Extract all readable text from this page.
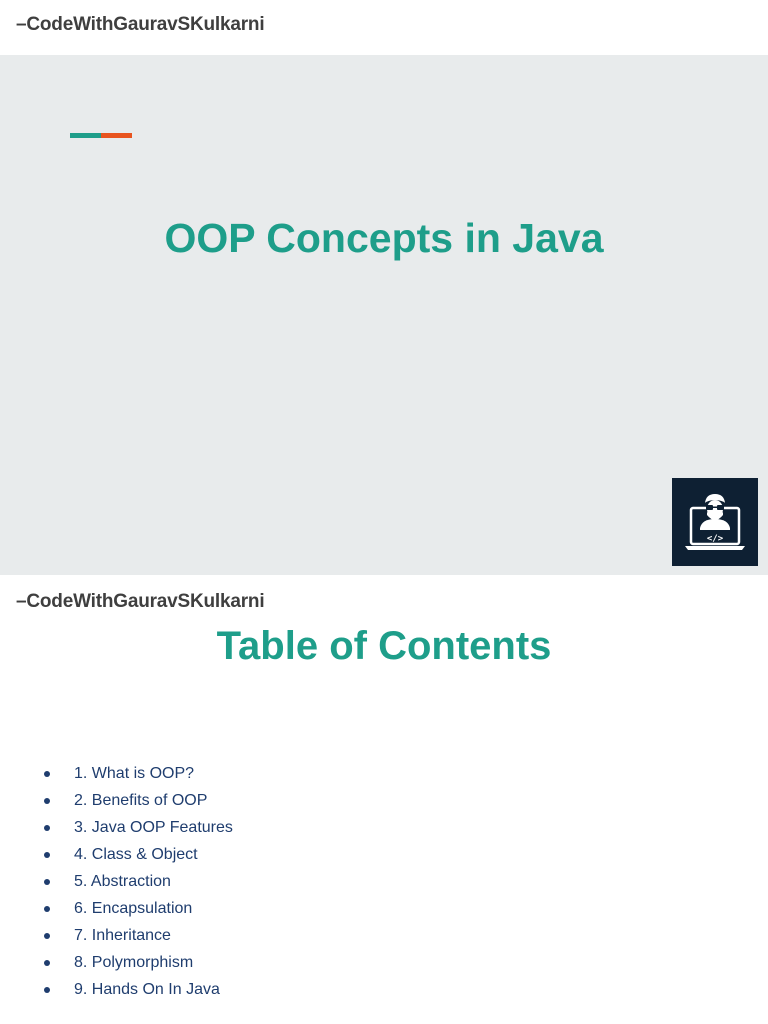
–CodeWithGauravSKulkarni
OOP Concepts in Java
</>
–CodeWithGauravSKulkarni
Table of Contents
1. What is OOP?
2. Benefits of OOP
3. Java OOP Features
4. Class & Object
5. Abstraction
6. Encapsulation
7. Inheritance
8. Polymorphism
9. Hands On In Java
